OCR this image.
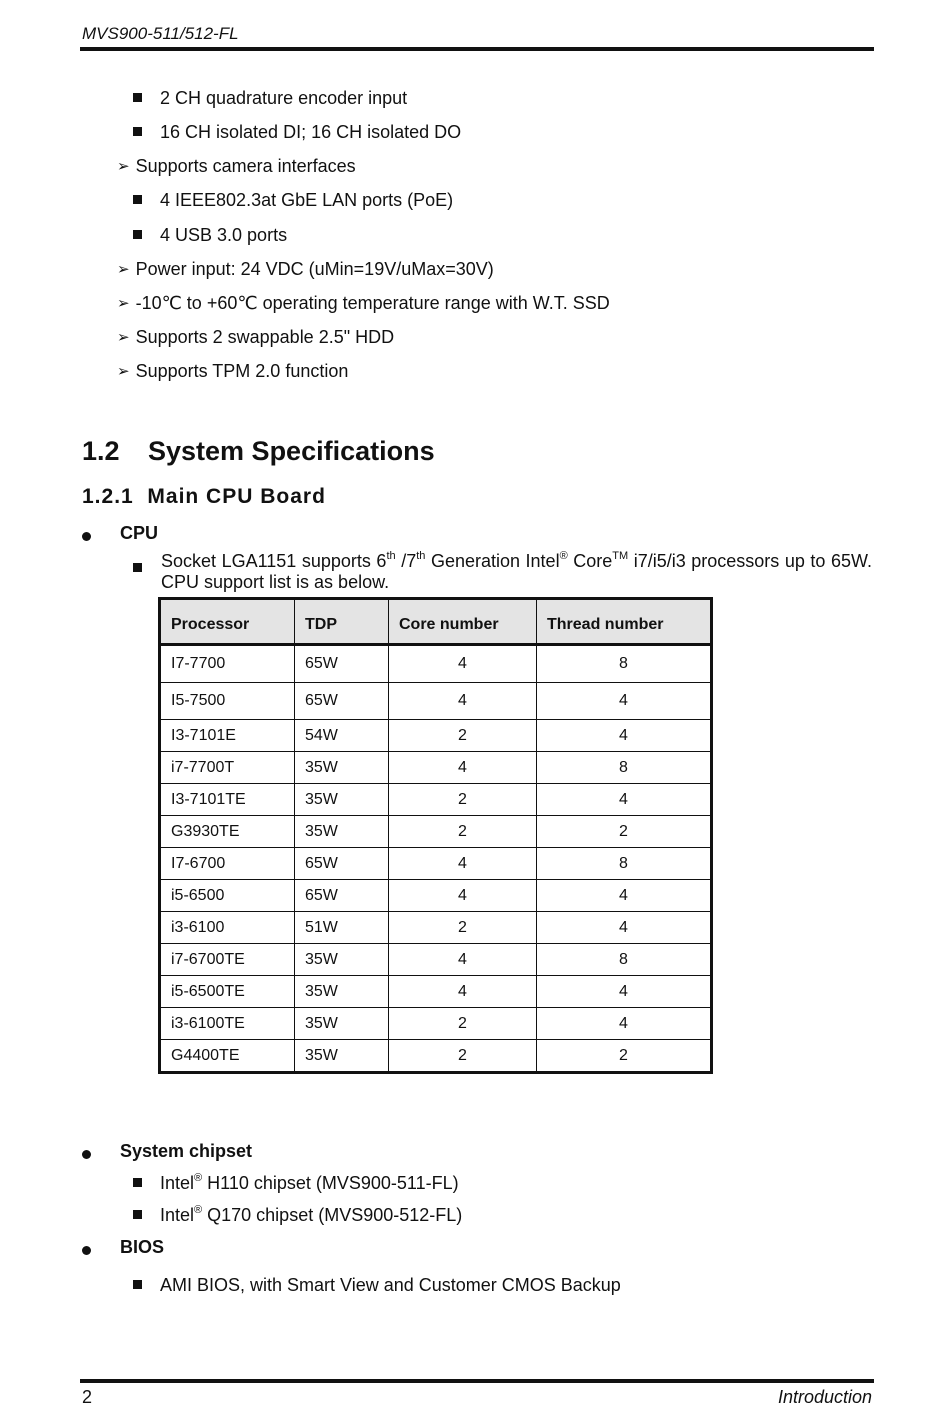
MVS900-511/512-FL
2 CH quadrature encoder input
16 CH isolated DI; 16 CH isolated DO
➢ Supports camera interfaces
4 IEEE802.3at GbE LAN ports (PoE)
4 USB 3.0 ports
➢ Power input: 24 VDC (uMin=19V/uMax=30V)
➢ -10℃ to +60℃ operating temperature range with W.T. SSD
➢ Supports 2 swappable 2.5" HDD
➢ Supports TPM 2.0 function
1.2 System Specifications
1.2.1 Main CPU Board
CPU
Socket LGA1151 supports 6th /7th Generation Intel® Core™ i7/i5/i3 processors up to 65W. CPU support list is as below.
Processor	TDP	Core number	Thread number
I7-7700	65W	4	8
I5-7500	65W	4	4
I3-7101E	54W	2	4
i7-7700T	35W	4	8
I3-7101TE	35W	2	4
G3930TE	35W	2	2
I7-6700	65W	4	8
i5-6500	65W	4	4
i3-6100	51W	2	4
i7-6700TE	35W	4	8
i5-6500TE	35W	4	4
i3-6100TE	35W	2	4
G4400TE	35W	2	2
System chipset
Intel® H110 chipset (MVS900-511-FL)
Intel® Q170 chipset (MVS900-512-FL)
BIOS
AMI BIOS, with Smart View and Customer CMOS Backup
2	Introduction
